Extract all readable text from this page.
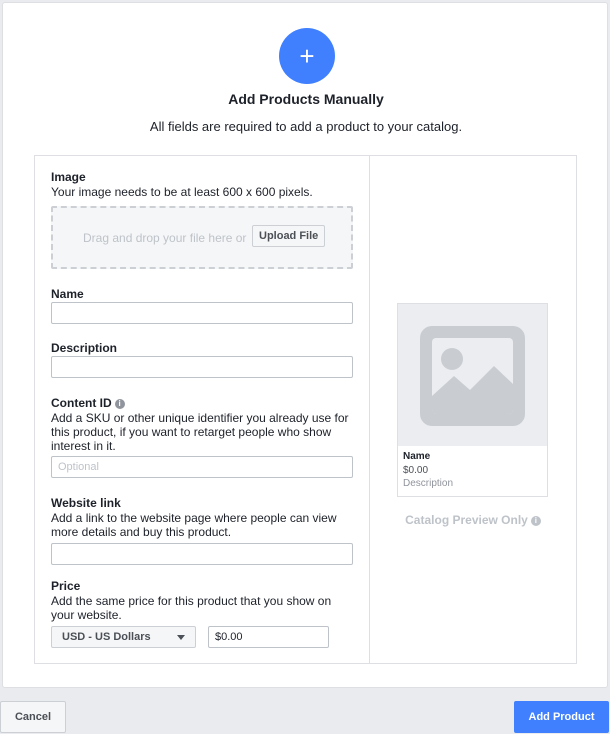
+
Add Products Manually
All fields are required to add a product to your catalog.
Image
Your image needs to be at least 600 x 600 pixels.
Drag and drop your file here or	Upload File
Name
Description
Content ID i
Add a SKU or other unique identifier you already use for this product, if you want to retarget people who show interest in it.
Optional
Website link
Add a link to the website page where people can view more details and buy this product.
Price
Add the same price for this product that you show on your website.
USD - US Dollars
$0.00
Name
$0.00
Description
Catalog Preview Only i
Cancel	Add Product
